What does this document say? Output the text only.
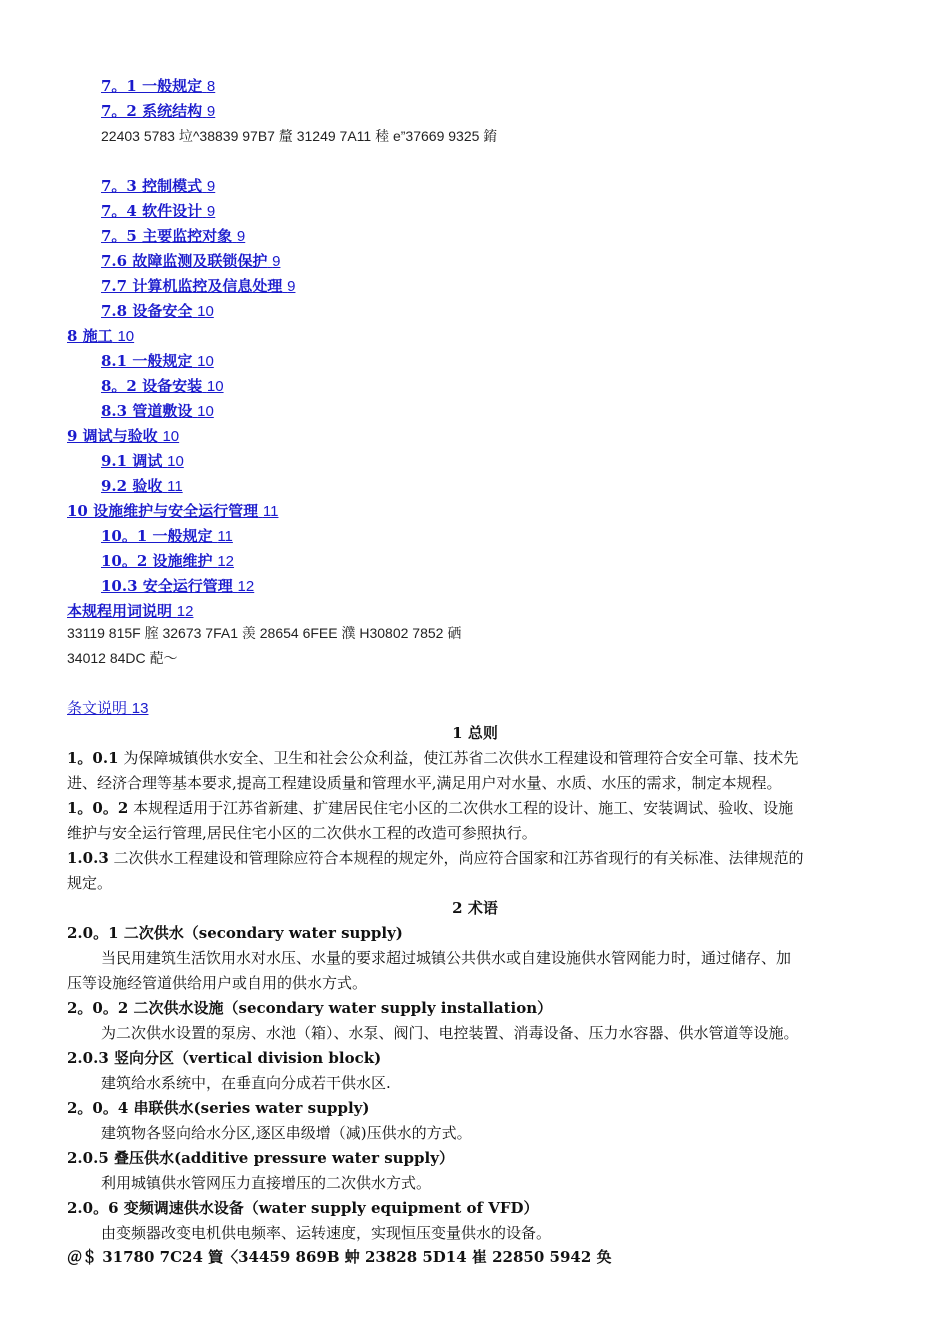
7。1 一般规定 8
7。2 系统结构 9
22403 5783 垃^38839 97B7 釐 31249 7A11 稑 e”37669 9325 錥
7。3 控制模式 9
7。4 软件设计 9
7。5 主要监控对象 9
7.6 故障监测及联锁保护 9
7.7 计算机监控及信息处理 9
7.8 设备安全 10
8 施工 10
8.1 一般规定 10
8。2 设备安装 10
8.3 管道敷设 10
9 调试与验收 10
9.1 调试 10
9.2 验收 11
10 设施维护与安全运行管理 11
10。1 一般规定 11
10。2 设施维护 12
10.3 安全运行管理 12
本规程用词说明 12
33119 815F 腟 32673 7FA1 羡 28654 6FEE 濮 H30802 7852 硒
34012 84DC 蓜～
条文说明 13
1 总则
1。0.1 为保障城镇供水安全、卫生和社会公众利益，使江苏省二次供水工程建设和管理符合安全可靠、技术先
进、经济合理等基本要求,提高工程建设质量和管理水平,满足用户对水量、水质、水压的需求，制定本规程。
1。0。2 本规程适用于江苏省新建、扩建居民住宅小区的二次供水工程的设计、施工、安装调试、验收、设施
维护与安全运行管理,居民住宅小区的二次供水工程的改造可参照执行。
1.0.3 二次供水工程建设和管理除应符合本规程的规定外，尚应符合国家和江苏省现行的有关标准、法律规范的
规定。
2 术语
2.0。1 二次供水（secondary water supply)
当民用建筑生活饮用水对水压、水量的要求超过城镇公共供水或自建设施供水管网能力时，通过储存、加
压等设施经管道供给用户或自用的供水方式。
2。0。2 二次供水设施（secondary water supply installation）
为二次供水设置的泵房、水池（箱）、水泵、阀门、电控装置、消毒设备、压力水容器、供水管道等设施。
2.0.3 竖向分区（vertical division block)
建筑给水系统中，在垂直向分成若干供水区.
2。0。4 串联供水(series water supply)
建筑物各竖向给水分区,逐区串级增（减)压供水的方式。
2.0.5 叠压供水(additive pressure water supply）
利用城镇供水管网压力直接增压的二次供水方式。
2.0。6 变频调速供水设备（water supply equipment of VFD）
由变频器改变电机供电频率、运转速度，实现恒压变量供水的设备。
＠＄ 31780 7C24 簤〈34459 869B 蚛 23828 5D14 崔 22850 5942 奂
